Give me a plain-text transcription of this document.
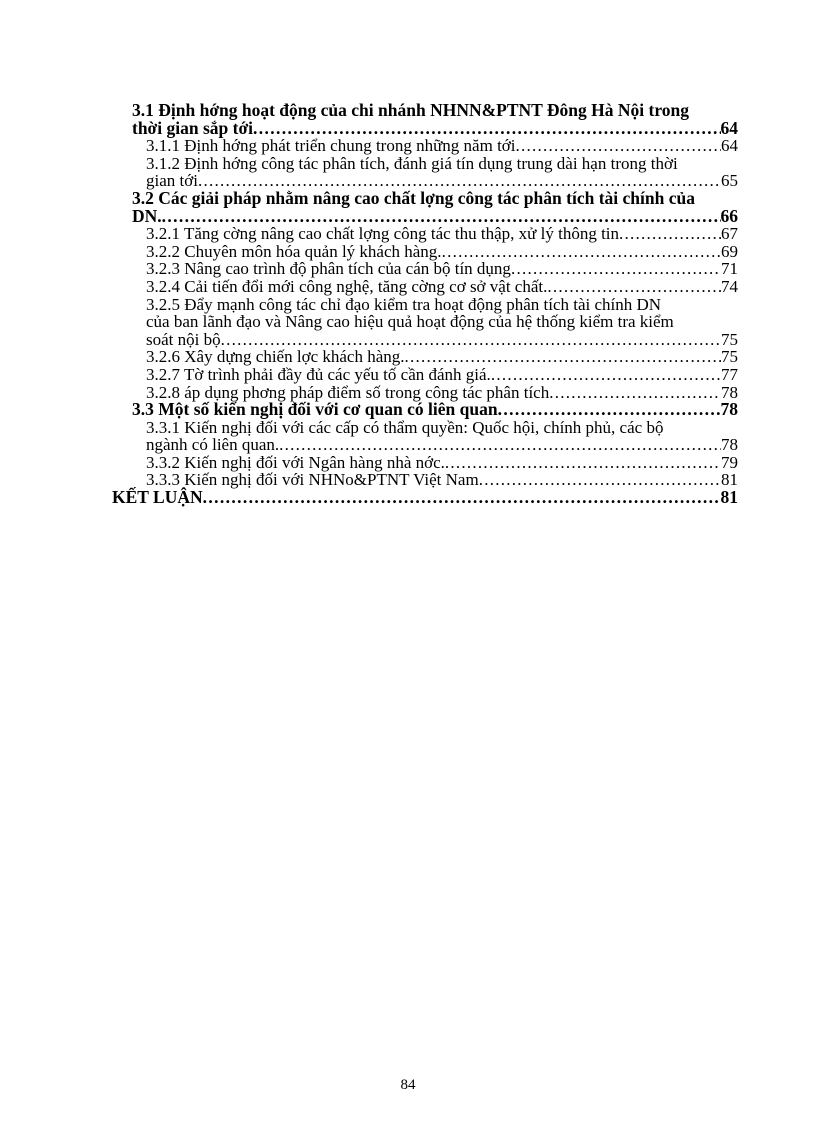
3.1 Định hớng hoạt động của chi nhánh NHNN&PTNT Đông Hà Nội trong
thời gian sắp tới . . .	64
3.1.1 Định hớng phát triển chung trong những năm tới . . .	64
3.1.2 Định hớng công tác phân tích, đánh giá tín dụng trung dài hạn trong thời
gian tới . . .	65
3.2 Các giải pháp nhằm nâng cao chất lợng công tác phân tích tài chính của
DN. . . .	66
3.2.1 Tăng cờng nâng cao chất lợng công tác thu thập, xử lý thông tin . . .	67
3.2.2 Chuyên môn hóa quản lý khách hàng. . . .	69
3.2.3 Nâng cao trình độ phân tích của cán bộ tín dụng . . .	71
3.2.4 Cải tiến đổi mới công nghệ, tăng cờng cơ sở vật chất. . . .	74
3.2.5 Đẩy mạnh công tác chỉ đạo kiểm tra hoạt động phân tích tài chính DN
của ban lãnh đạo và Nâng cao hiệu quả hoạt động của hệ thống kiểm tra kiểm
soát nội bộ . . .	75
3.2.6 Xây dựng chiến lợc khách hàng. . . .	75
3.2.7 Tờ trình phải đầy đủ các yếu tố cần đánh giá. . . .	77
3.2.8 áp dụng phơng pháp điểm số trong công tác phân tích . . .	78
3.3 Một số kiến nghị đối với cơ quan có liên quan . . .	78
3.3.1 Kiến nghị đối với các cấp có thẩm quyền: Quốc hội, chính phủ, các bộ
ngành có liên quan. . . .	78
3.3.2 Kiến nghị đối với Ngân hàng nhà nớc. . . .	79
3.3.3 Kiến nghị đối với NHNo&PTNT Việt Nam . . .	81
KẾT LUẬN . . .	81
84
